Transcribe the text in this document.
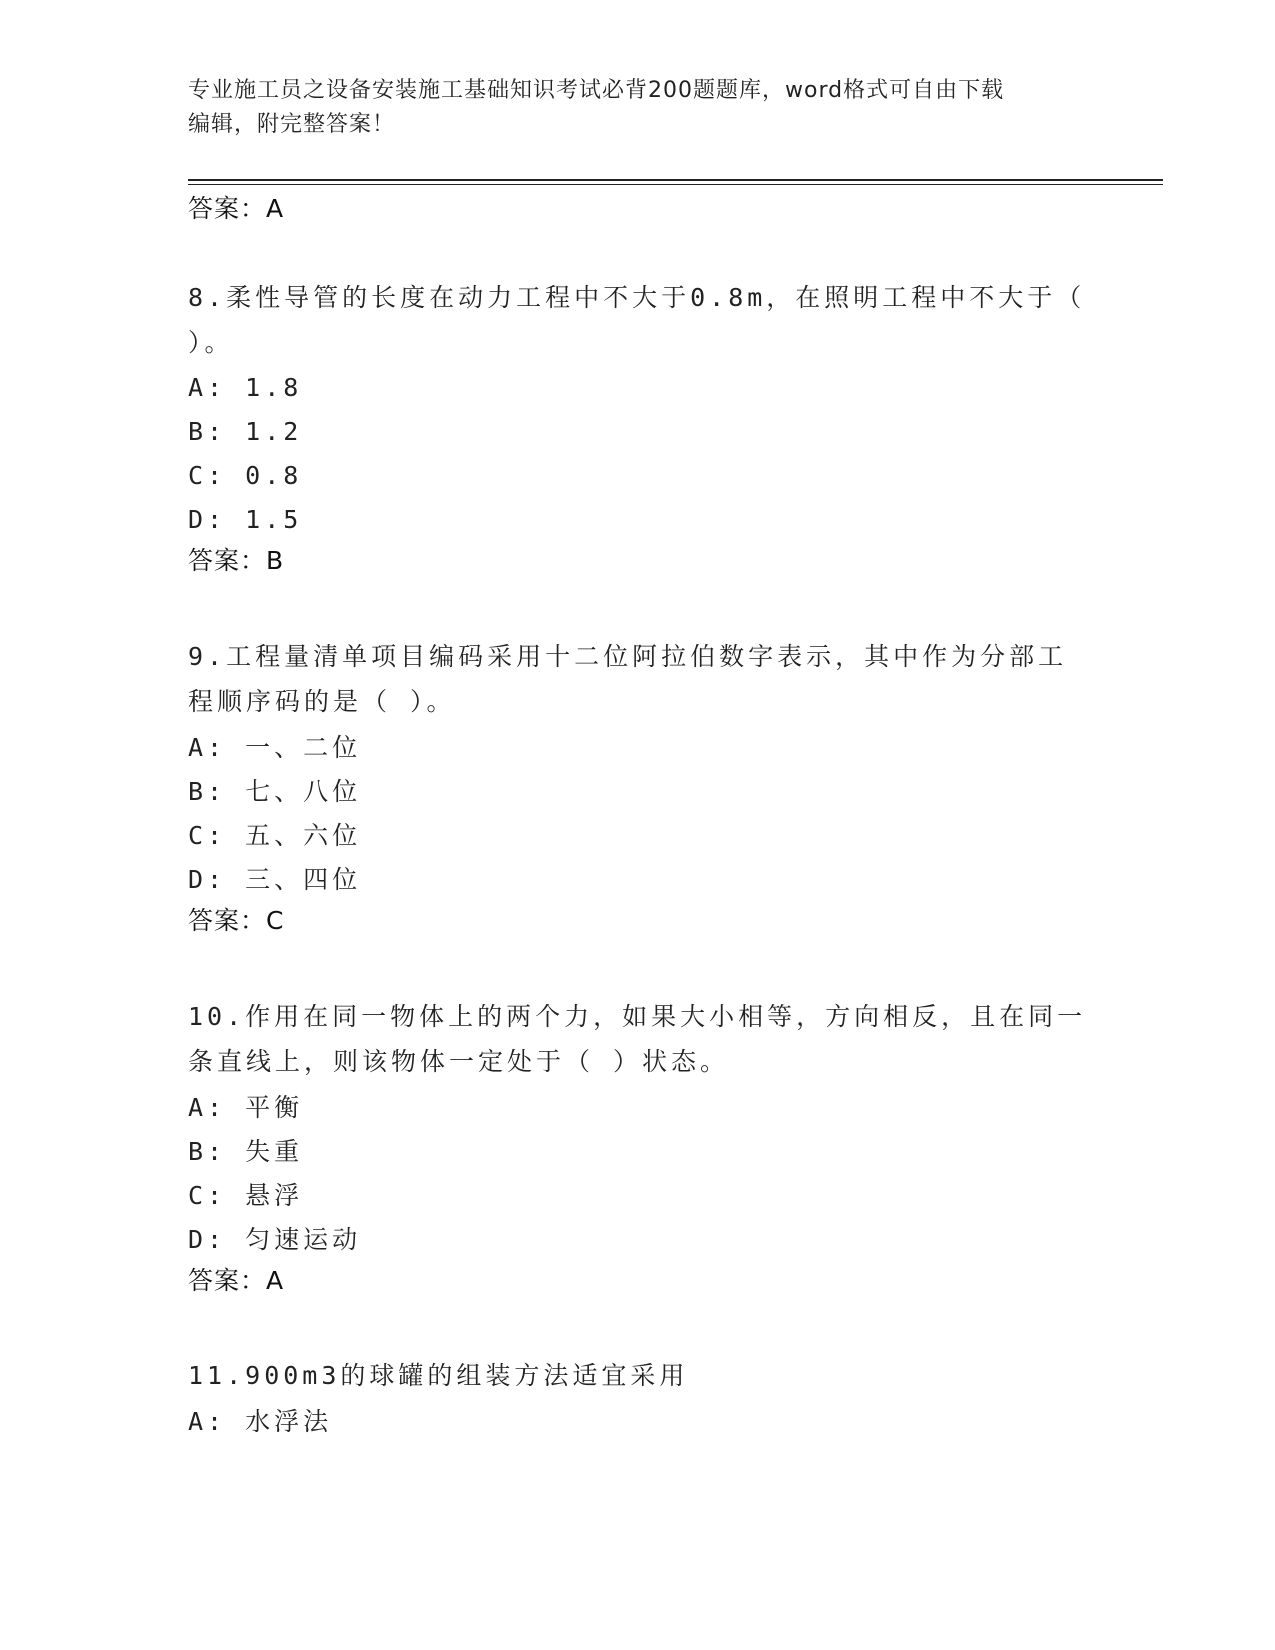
专业施工员之设备安装施工基础知识考试必背200题题库，word格式可自由下载
编辑，附完整答案！
答案：A
8.柔性导管的长度在动力工程中不大于0.8m，在照明工程中不大于（
）。
A: 1.8
B: 1.2
C: 0.8
D: 1.5
答案：B
9.工程量清单项目编码采用十二位阿拉伯数字表示，其中作为分部工
程顺序码的是（ ）。
A: 一、二位
B: 七、八位
C: 五、六位
D: 三、四位
答案：C
10.作用在同一物体上的两个力，如果大小相等，方向相反，且在同一
条直线上，则该物体一定处于（ ）状态。
A: 平衡
B: 失重
C: 悬浮
D: 匀速运动
答案：A
11.900m3的球罐的组装方法适宜采用
A: 水浮法
